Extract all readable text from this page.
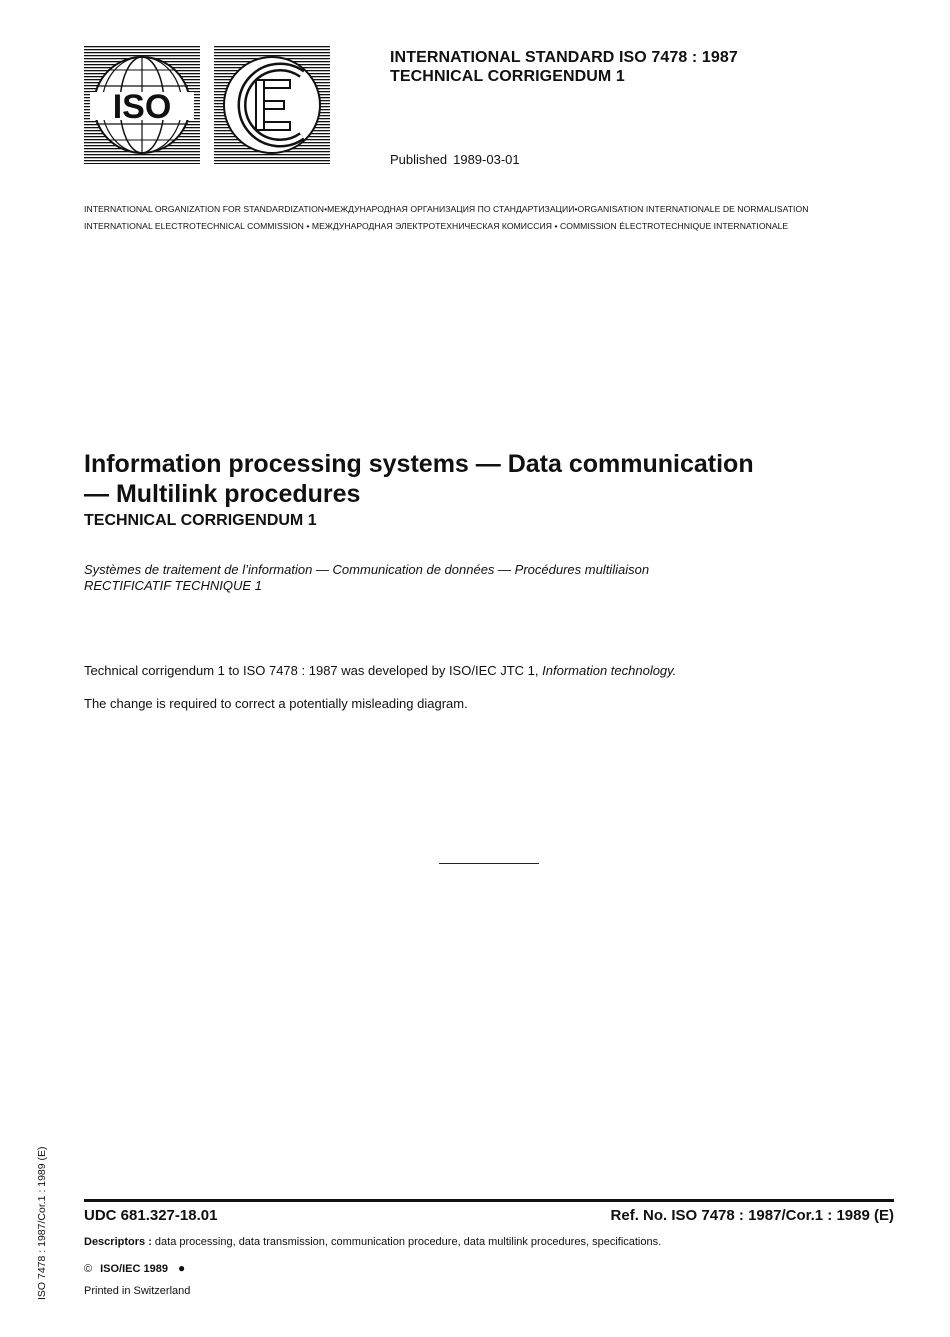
ISO
IEC
INTERNATIONAL STANDARD ISO 7478 : 1987
TECHNICAL CORRIGENDUM 1
Published 1989-03-01
INTERNATIONAL ORGANIZATION FOR STANDARDIZATION•МЕЖДУНАРОДНАЯ ОРГАНИЗАЦИЯ ПО СТАНДАРТИЗАЦИИ•ORGANISATION INTERNATIONALE DE NORMALISATION
INTERNATIONAL ELECTROTECHNICAL COMMISSION • МЕЖДУНАРОДНАЯ ЭЛЕКТРОТЕХНИЧЕСКАЯ КОМИССИЯ • COMMISSION ÉLECTROTECHNIQUE INTERNATIONALE
Information processing systems — Data communication
— Multilink procedures
TECHNICAL CORRIGENDUM 1
Systèmes de traitement de l’information — Communication de données — Procédures multiliaison
RECTIFICATIF TECHNIQUE 1
Technical corrigendum 1 to ISO 7478 : 1987 was developed by ISO/IEC JTC 1, Information technology.
The change is required to correct a potentially misleading diagram.
ISO 7478 : 1987/Cor.1 : 1989 (E) UDC 681.327-18.01	Ref. No. ISO 7478 : 1987/Cor.1 : 1989 (E)
Descriptors : data processing, data transmission, communication procedure, data multilink procedures, specifications.
© ISO/IEC 1989 ●
Printed in Switzerland
